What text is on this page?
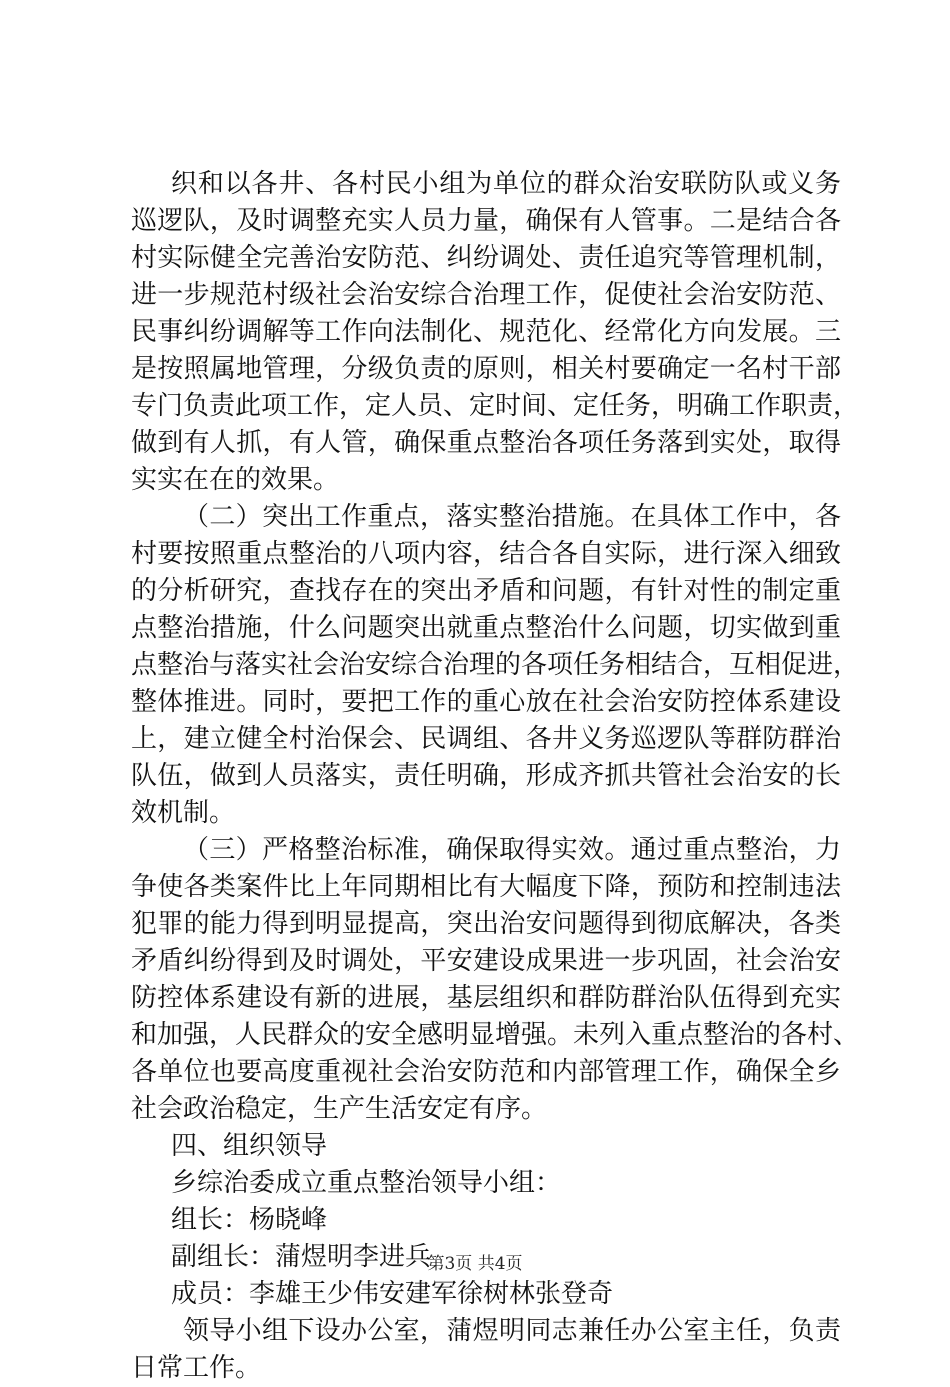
织和以各井、各村民小组为单位的群众治安联防队或义务
巡逻队，及时调整充实人员力量，确保有人管事。二是结合各
村实际健全完善治安防范、纠纷调处、责任追究等管理机制，
进一步规范村级社会治安综合治理工作，促使社会治安防范、
民事纠纷调解等工作向法制化、规范化、经常化方向发展。三
是按照属地管理，分级负责的原则，相关村要确定一名村干部
专门负责此项工作，定人员、定时间、定任务，明确工作职责，
做到有人抓，有人管，确保重点整治各项任务落到实处，取得
实实在在的效果。
（二）突出工作重点，落实整治措施。在具体工作中，各
村要按照重点整治的八项内容，结合各自实际，进行深入细致
的分析研究，查找存在的突出矛盾和问题，有针对性的制定重
点整治措施，什么问题突出就重点整治什么问题，切实做到重
点整治与落实社会治安综合治理的各项任务相结合，互相促进，
整体推进。同时，要把工作的重心放在社会治安防控体系建设
上，建立健全村治保会、民调组、各井义务巡逻队等群防群治
队伍，做到人员落实，责任明确，形成齐抓共管社会治安的长
效机制。
（三）严格整治标准，确保取得实效。通过重点整治，力
争使各类案件比上年同期相比有大幅度下降，预防和控制违法
犯罪的能力得到明显提高，突出治安问题得到彻底解决，各类
矛盾纠纷得到及时调处，平安建设成果进一步巩固，社会治安
防控体系建设有新的进展，基层组织和群防群治队伍得到充实
和加强，人民群众的安全感明显增强。未列入重点整治的各村、
各单位也要高度重视社会治安防范和内部管理工作，确保全乡
社会政治稳定，生产生活安定有序。
四、组织领导
乡综治委成立重点整治领导小组：
组长：杨晓峰
副组长：蒲煜明李进兵
成员：李雄王少伟安建军徐树林张登奇
领导小组下设办公室，蒲煜明同志兼任办公室主任，负责
日常工作。
第3页 共4页
